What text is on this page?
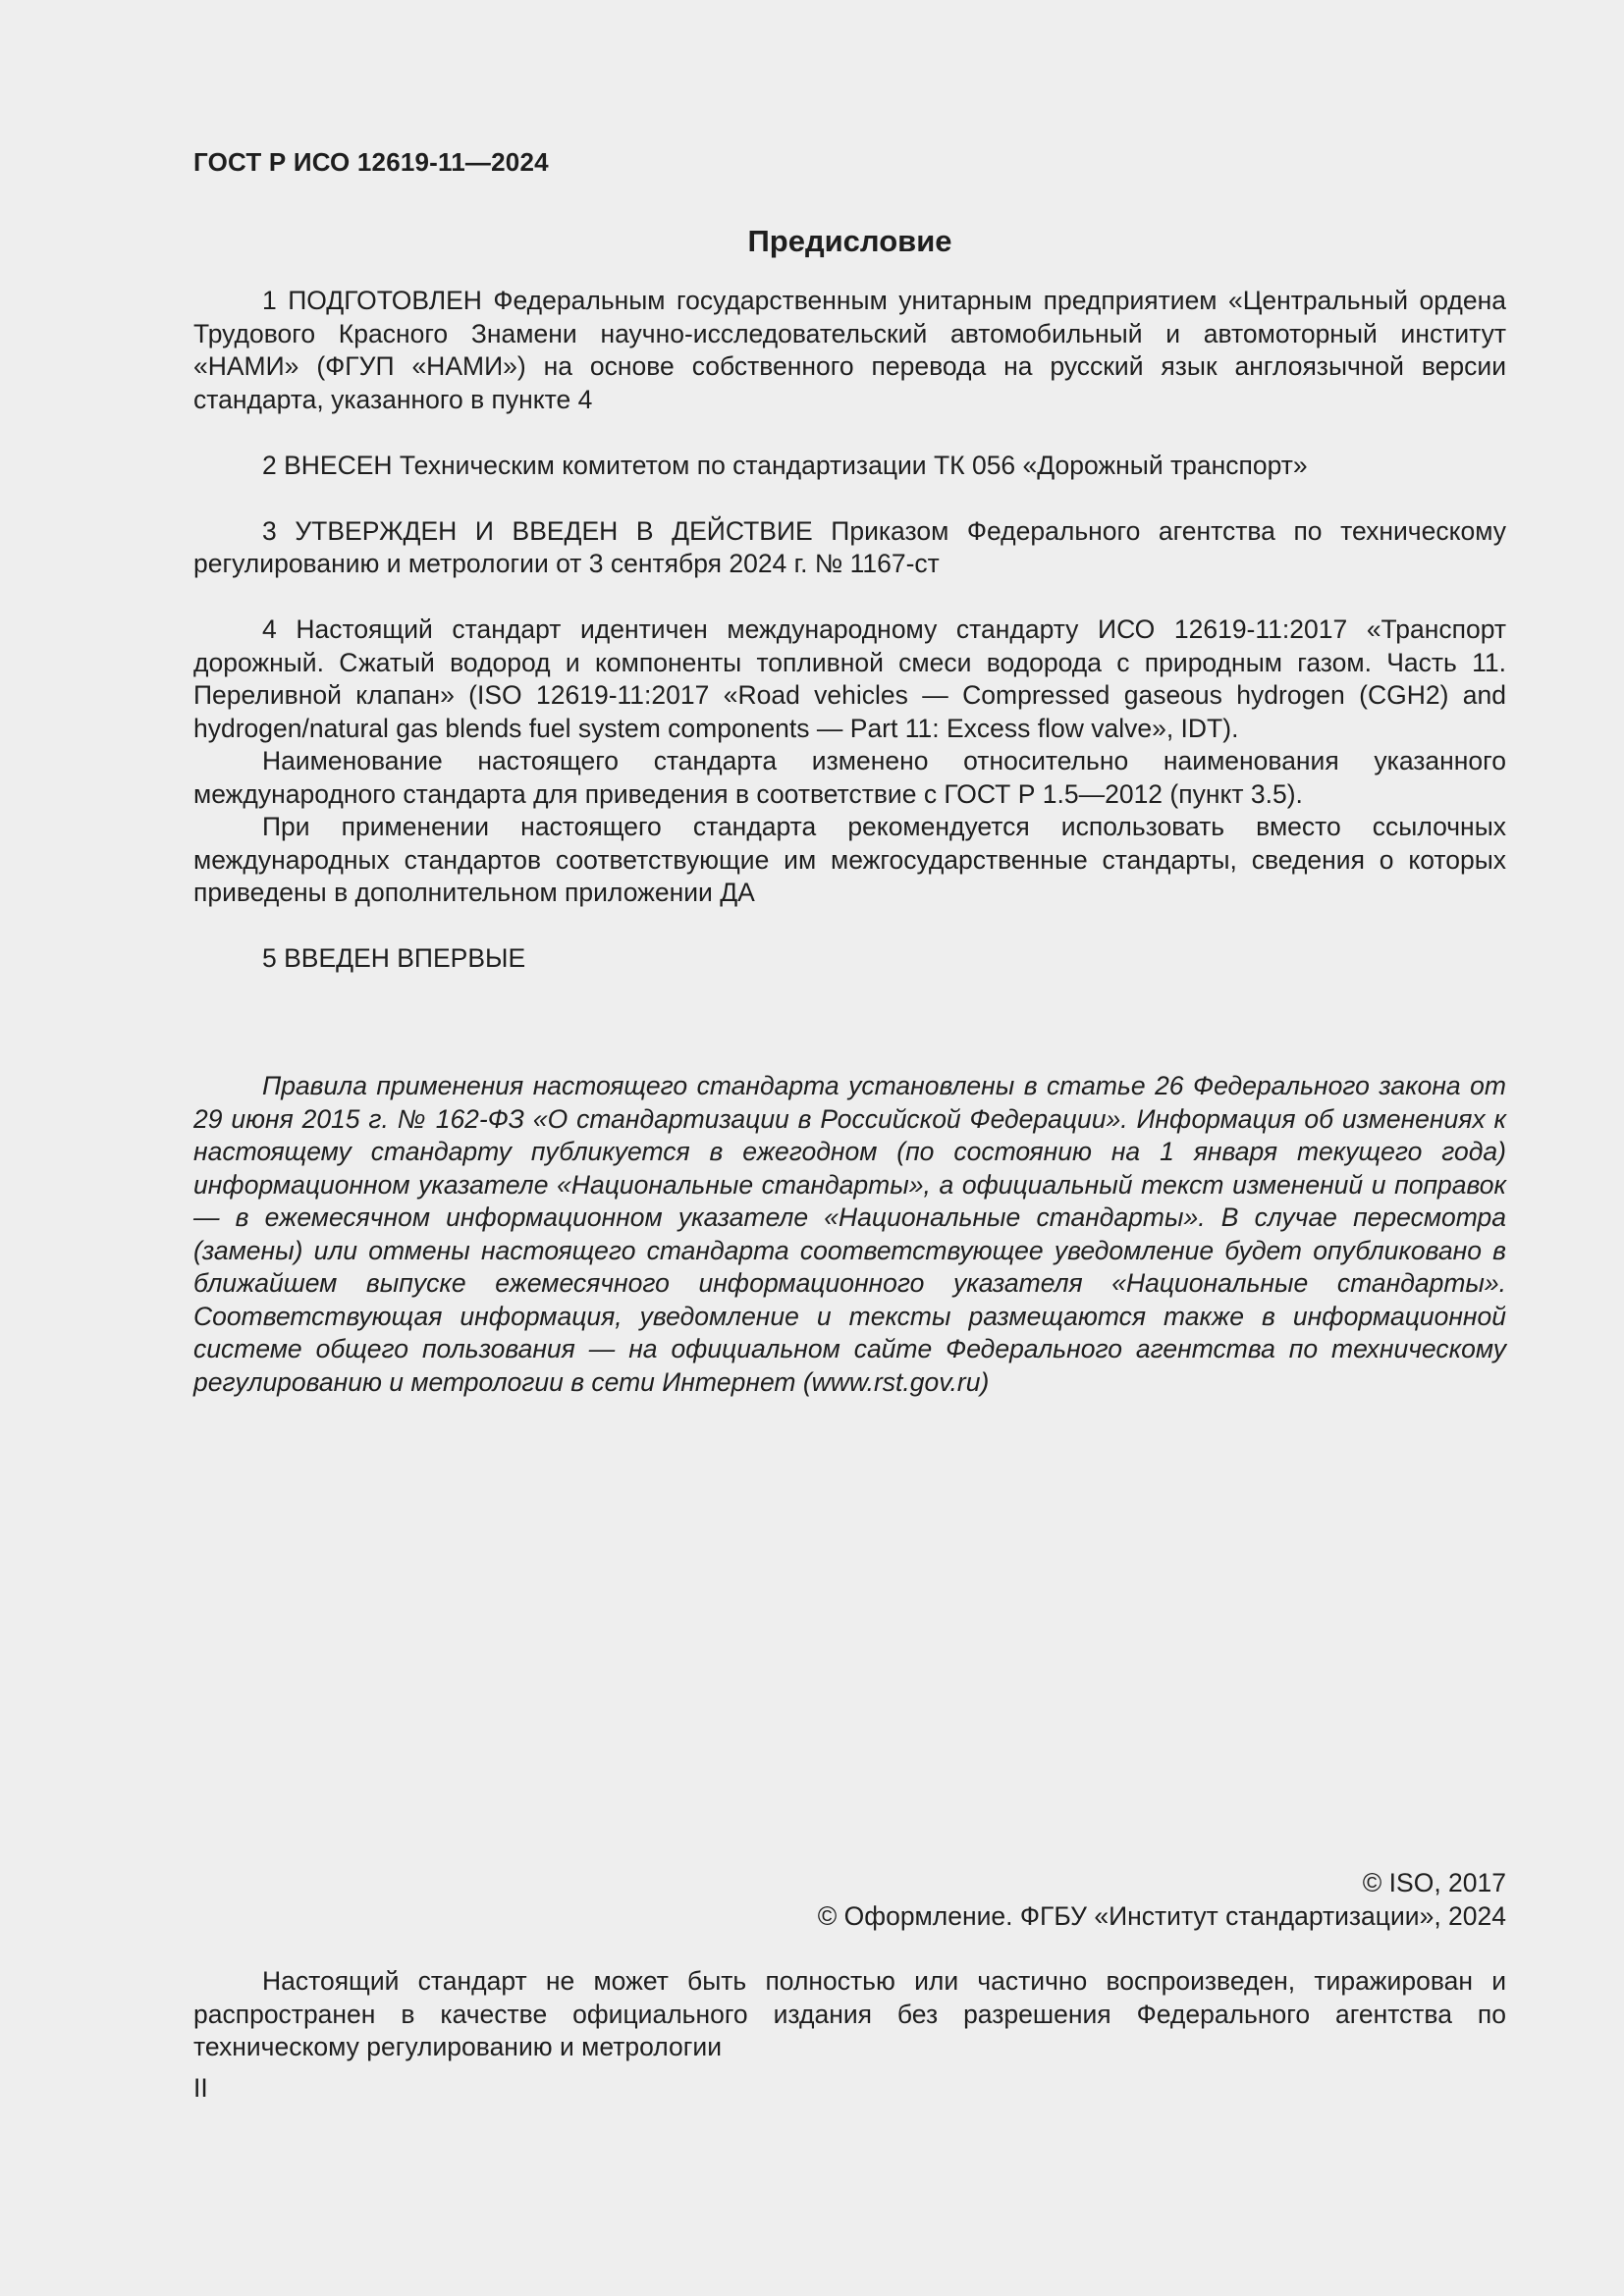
ГОСТ Р ИСО 12619-11—2024
Предисловие

1 ПОДГОТОВЛЕН Федеральным государственным унитарным предприятием «Центральный ордена Трудового Красного Знамени научно-исследовательский автомобильный и автомоторный институт «НАМИ» (ФГУП «НАМИ») на основе собственного перевода на русский язык англоязычной версии стандарта, указанного в пункте 4

2 ВНЕСЕН Техническим комитетом по стандартизации ТК 056 «Дорожный транспорт»

3 УТВЕРЖДЕН И ВВЕДЕН В ДЕЙСТВИЕ Приказом Федерального агентства по техническому регулированию и метрологии от 3 сентября 2024 г. № 1167-ст

4 Настоящий стандарт идентичен международному стандарту ИСО 12619-11:2017 «Транспорт дорожный. Сжатый водород и компоненты топливной смеси водорода с природным газом. Часть 11. Переливной клапан» (ISO 12619-11:2017 «Road vehicles — Compressed gaseous hydrogen (CGH2) and hydrogen/natural gas blends fuel system components — Part 11: Excess flow valve», IDT).

Наименование настоящего стандарта изменено относительно наименования указанного международного стандарта для приведения в соответствие с ГОСТ Р 1.5—2012 (пункт 3.5).

При применении настоящего стандарта рекомендуется использовать вместо ссылочных международных стандартов соответствующие им межгосударственные стандарты, сведения о которых приведены в дополнительном приложении ДА

5 ВВЕДЕН ВПЕРВЫЕ

Правила применения настоящего стандарта установлены в статье 26 Федерального закона от 29 июня 2015 г. № 162-ФЗ «О стандартизации в Российской Федерации». Информация об изменениях к настоящему стандарту публикуется в ежегодном (по состоянию на 1 января текущего года) информационном указателе «Национальные стандарты», а официальный текст изменений и поправок — в ежемесячном информационном указателе «Национальные стандарты». В случае пересмотра (замены) или отмены настоящего стандарта соответствующее уведомление будет опубликовано в ближайшем выпуске ежемесячного информационного указателя «Национальные стандарты». Соответствующая информация, уведомление и тексты размещаются также в информационной системе общего пользования — на официальном сайте Федерального агентства по техническому регулированию и метрологии в сети Интернет (www.rst.gov.ru)

© ISO, 2017
© Оформление. ФГБУ «Институт стандартизации», 2024

Настоящий стандарт не может быть полностью или частично воспроизведен, тиражирован и распространен в качестве официального издания без разрешения Федерального агентства по техническому регулированию и метрологии

II
